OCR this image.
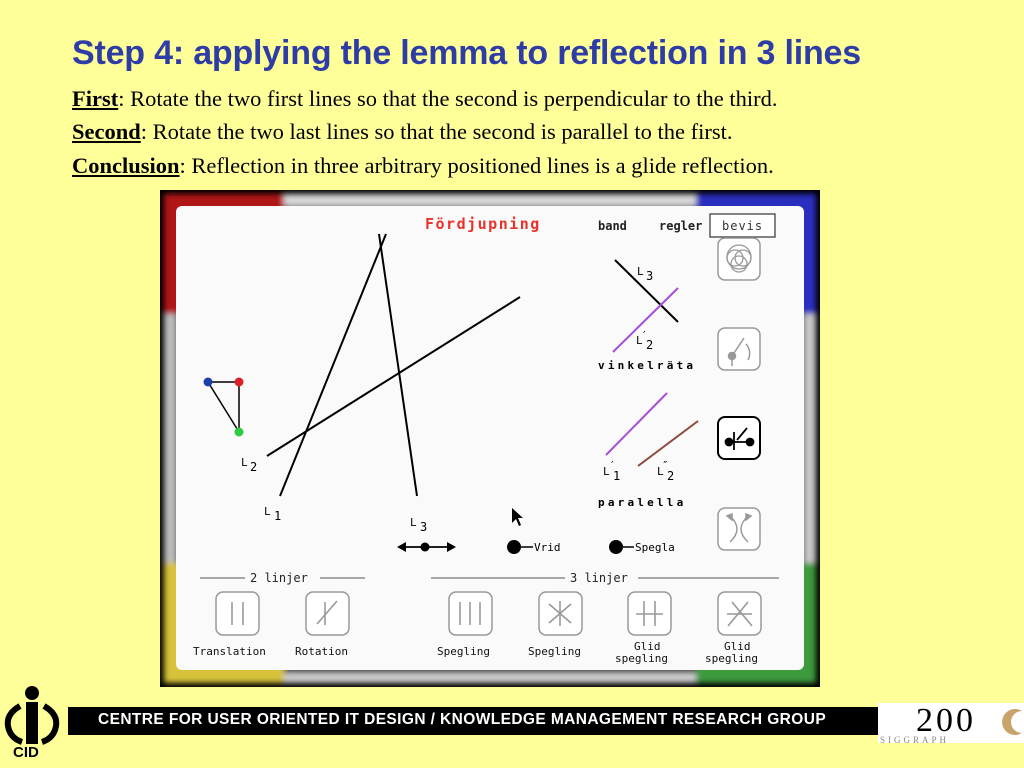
Step 4: applying the lemma to reflection in 3 lines
First: Rotate the two first lines so that the second is perpendicular to the third.
Second: Rotate the two last lines so that the second is parallel to the first.
Conclusion: Reflection in three arbitrary positioned lines is a glide reflection.
Fördjupning	band	regler bevis
L 2
L 1	L 3
Vrid	Spegla
L 3
L
′
2
vinkelräta
L ′
1	L
″
2
paralella
2 linjer	3 linjer
Translation	Rotation	Spegling	Spegling	Glid
spegling
Glid
spegling
CID
CENTRE FOR USER ORIENTED IT DESIGN / KNOWLEDGE MANAGEMENT RESEARCH GROUP	200
SIGGRAPH
